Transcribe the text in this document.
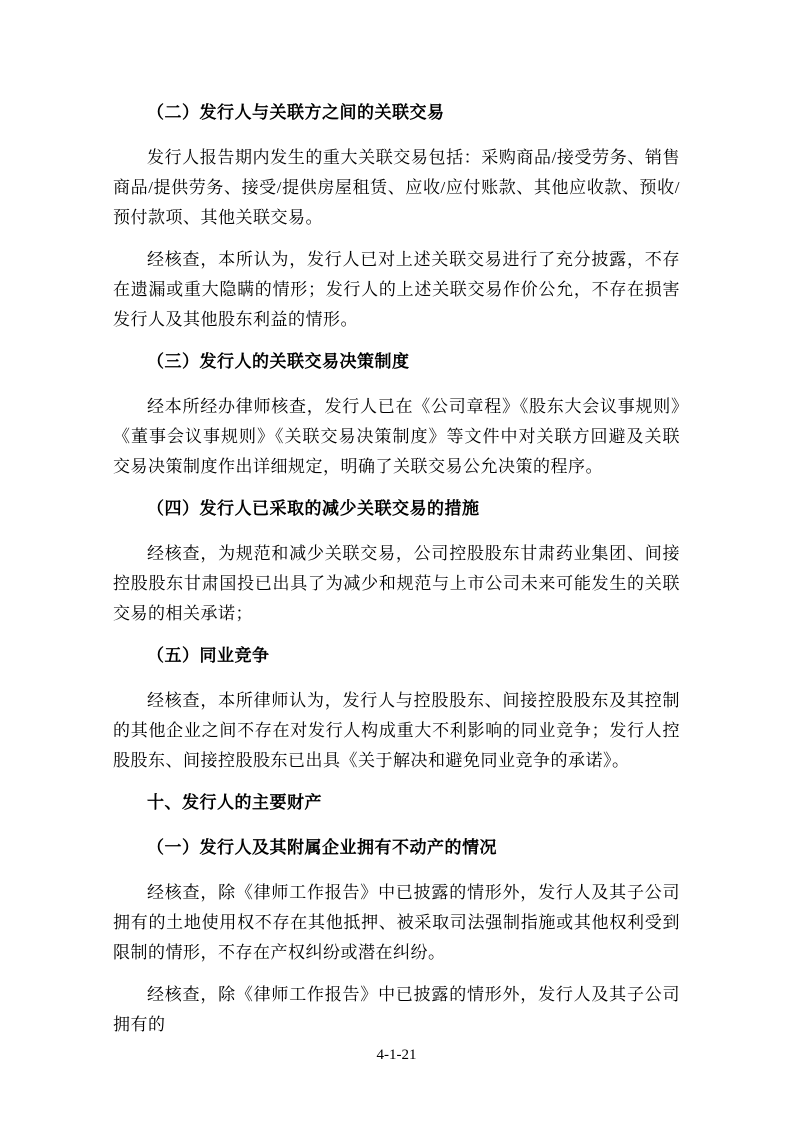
（二）发行人与关联方之间的关联交易
发行人报告期内发生的重大关联交易包括：采购商品/接受劳务、销售商品/提供劳务、接受/提供房屋租赁、应收/应付账款、其他应收款、预收/预付款项、其他关联交易。
经核查，本所认为，发行人已对上述关联交易进行了充分披露，不存在遗漏或重大隐瞒的情形；发行人的上述关联交易作价公允，不存在损害发行人及其他股东利益的情形。
（三）发行人的关联交易决策制度
经本所经办律师核查，发行人已在《公司章程》《股东大会议事规则》《董事会议事规则》《关联交易决策制度》等文件中对关联方回避及关联交易决策制度作出详细规定，明确了关联交易公允决策的程序。
（四）发行人已采取的减少关联交易的措施
经核查，为规范和减少关联交易，公司控股股东甘肃药业集团、间接控股股东甘肃国投已出具了为减少和规范与上市公司未来可能发生的关联交易的相关承诺；
（五）同业竞争
经核查，本所律师认为，发行人与控股股东、间接控股股东及其控制的其他企业之间不存在对发行人构成重大不利影响的同业竞争；发行人控股股东、间接控股股东已出具《关于解决和避免同业竞争的承诺》。
十、发行人的主要财产
（一）发行人及其附属企业拥有不动产的情况
经核查，除《律师工作报告》中已披露的情形外，发行人及其子公司拥有的土地使用权不存在其他抵押、被采取司法强制指施或其他权利受到限制的情形，不存在产权纠纷或潜在纠纷。
经核查，除《律师工作报告》中已披露的情形外，发行人及其子公司拥有的
4-1-21
